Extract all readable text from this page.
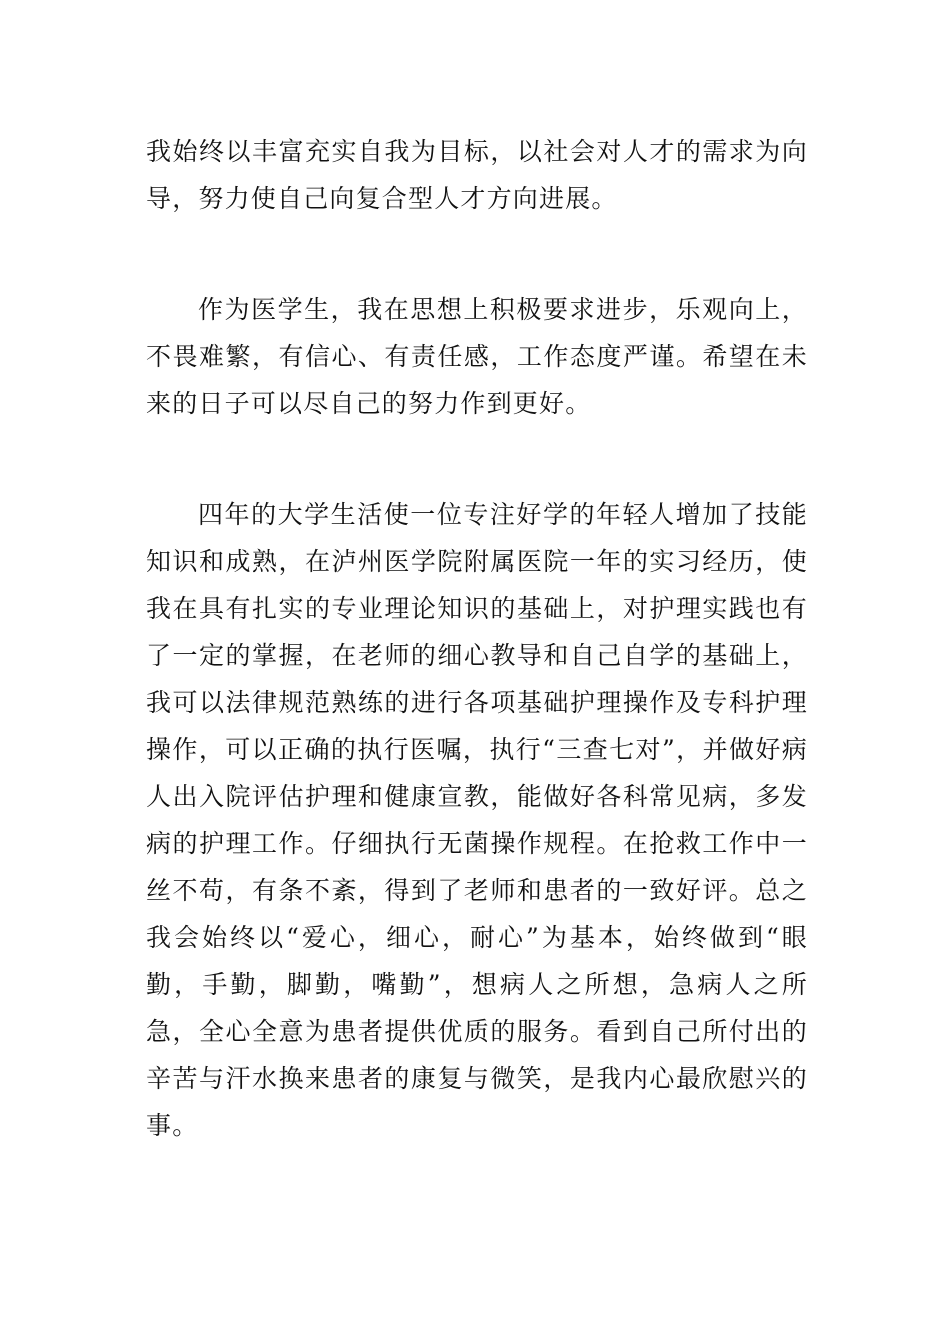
我始终以丰富充实自我为目标，以社会对人才的需求为向导，努力使自己向复合型人才方向进展。

作为医学生，我在思想上积极要求进步，乐观向上，不畏难繁，有信心、有责任感，工作态度严谨。希望在未来的日子可以尽自己的努力作到更好。

四年的大学生活使一位专注好学的年轻人增加了技能知识和成熟，在泸州医学院附属医院一年的实习经历，使我在具有扎实的专业理论知识的基础上，对护理实践也有了一定的掌握，在老师的细心教导和自己自学的基础上，我可以法律规范熟练的进行各项基础护理操作及专科护理操作，可以正确的执行医嘱，执行“三查七对”，并做好病人出入院评估护理和健康宣教，能做好各科常见病，多发病的护理工作。仔细执行无菌操作规程。在抢救工作中一丝不苟，有条不紊，得到了老师和患者的一致好评。总之我会始终以“爱心，细心，耐心”为基本，始终做到“眼勤，手勤，脚勤，嘴勤”，想病人之所想，急病人之所急，全心全意为患者提供优质的服务。看到自己所付出的辛苦与汗水换来患者的康复与微笑，是我内心最欣慰兴的事。
